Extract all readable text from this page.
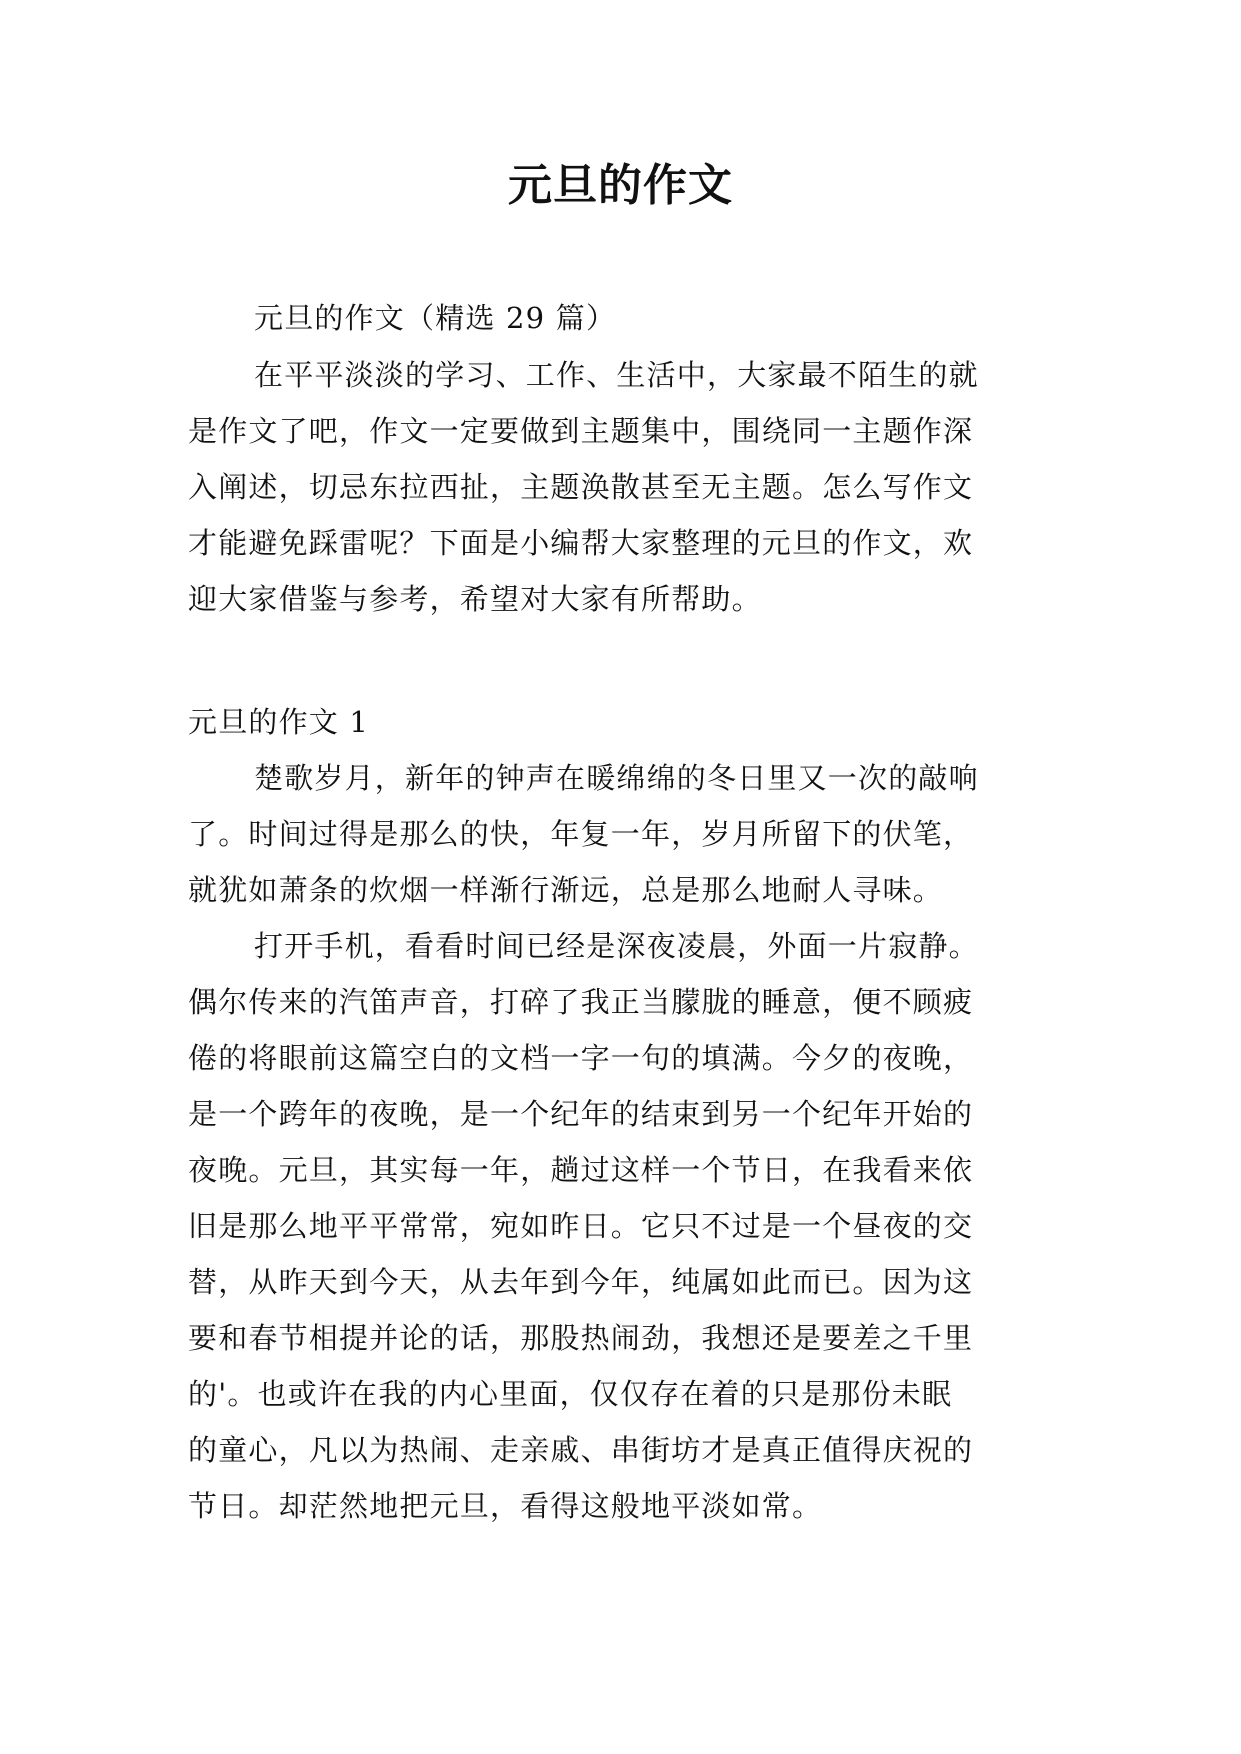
元旦的作文
元旦的作文（精选 29 篇）
在平平淡淡的学习、工作、生活中，大家最不陌生的就
是作文了吧，作文一定要做到主题集中，围绕同一主题作深
入阐述，切忌东拉西扯，主题涣散甚至无主题。怎么写作文
才能避免踩雷呢？下面是小编帮大家整理的元旦的作文，欢
迎大家借鉴与参考，希望对大家有所帮助。
元旦的作文 1
楚歌岁月，新年的钟声在暖绵绵的冬日里又一次的敲响
了。时间过得是那么的快，年复一年，岁月所留下的伏笔，
就犹如萧条的炊烟一样渐行渐远，总是那么地耐人寻味。
打开手机，看看时间已经是深夜凌晨，外面一片寂静。
偶尔传来的汽笛声音，打碎了我正当朦胧的睡意，便不顾疲
倦的将眼前这篇空白的文档一字一句的填满。今夕的夜晚，
是一个跨年的夜晚，是一个纪年的结束到另一个纪年开始的
夜晚。元旦，其实每一年，趟过这样一个节日，在我看来依
旧是那么地平平常常，宛如昨日。它只不过是一个昼夜的交
替，从昨天到今天，从去年到今年，纯属如此而已。因为这
要和春节相提并论的话，那股热闹劲，我想还是要差之千里
的'。也或许在我的内心里面，仅仅存在着的只是那份未眠
的童心，凡以为热闹、走亲戚、串街坊才是真正值得庆祝的
节日。却茫然地把元旦，看得这般地平淡如常。
